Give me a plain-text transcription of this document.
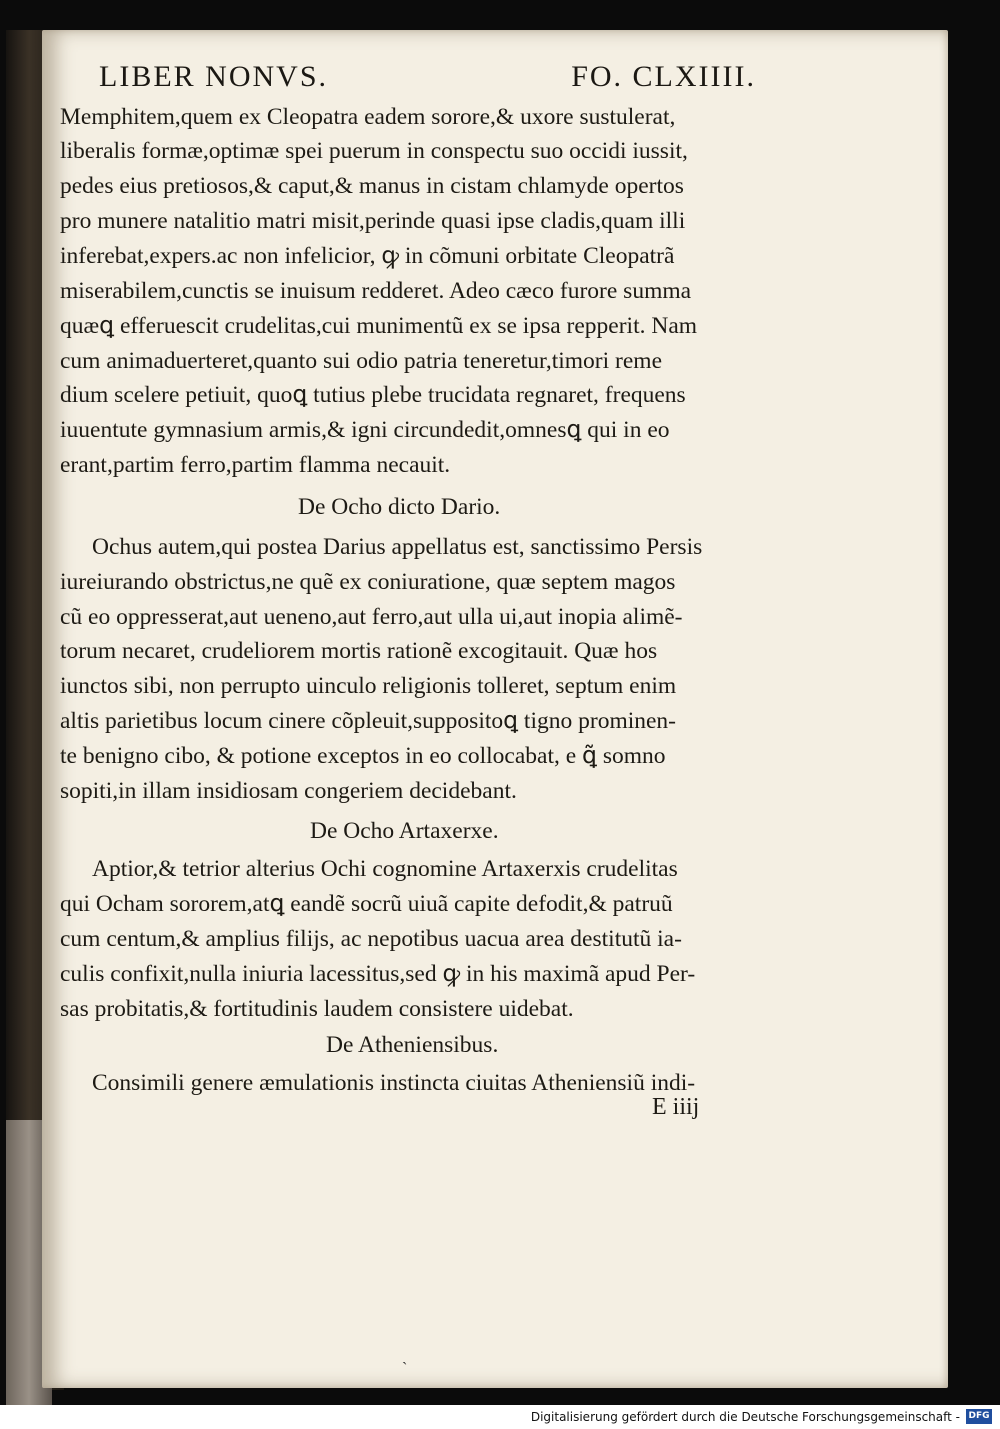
LIBER NONVS.	FO. CLXIIII.
Memphitem,quem ex Cleopatra eadem sorore,& uxore sustulerat,
liberalis formæ,optimæ spei puerum in conspectu suo occidi iussit,
pedes eius pretiosos,& caput,& manus in cistam chlamyde opertos
pro munere natalitio matri misit,perinde quasi ipse cladis,quam illi
inferebat,expers.ac non infelicior, ꝙ in cõmuni orbitate Cleopatrã
miserabilem,cunctis se inuisum redderet. Adeo cæco furore summa
quæꝗ efferuescit crudelitas,cui munimentũ ex se ipsa repperit. Nam
cum animaduerteret,quanto sui odio patria teneretur,timori reme
dium scelere petiuit, quoꝗ tutius plebe trucidata regnaret, frequens
iuuentute gymnasium armis,& igni circundedit,omnesꝗ qui in eo
erant,partim ferro,partim flamma necauit.
De Ocho dicto Dario.
Ochus autem,qui postea Darius appellatus est, sanctissimo Persis
iureiurando obstrictus,ne quẽ ex coniuratione, quæ septem magos
cũ eo oppresserat,aut ueneno,aut ferro,aut ulla ui,aut inopia alimẽ-
torum necaret, crudeliorem mortis rationẽ excogitauit. Quæ hos
iunctos sibi, non perrupto uinculo religionis tolleret, septum enim
altis parietibus locum cinere cõpleuit,suppositoꝗ tigno prominen-
te benigno cibo, & potione exceptos in eo collocabat, e ꝗ̃ somno
sopiti,in illam insidiosam congeriem decidebant.
De Ocho Artaxerxe.
Aptior,& tetrior alterius Ochi cognomine Artaxerxis crudelitas
qui Ocham sororem,atꝗ eandẽ socrũ uiuã capite defodit,& patruũ
cum centum,& amplius filijs, ac nepotibus uacua area destitutũ ia-
culis confixit,nulla iniuria lacessitus,sed ꝙ in his maximã apud Per-
sas probitatis,& fortitudinis laudem consistere uidebat.
De Atheniensibus.
Consimili genere æmulationis instincta ciuitas Atheniensiũ indi-
E iiij
ˎ
Digitalisierung gefördert durch die Deutsche Forschungsgemeinschaft - DFG
